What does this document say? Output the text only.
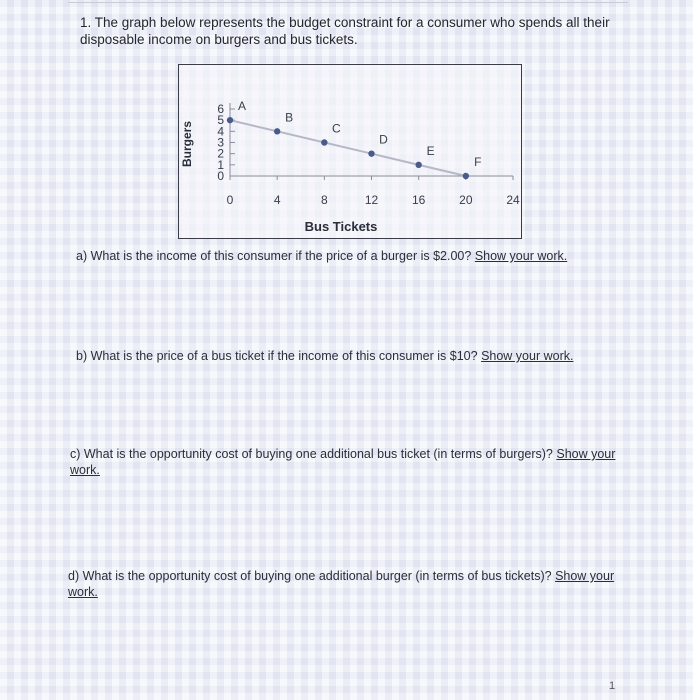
1. The graph below represents the budget constraint for a consumer who spends all their disposable income on burgers and bus tickets.
Burgers
Bus Tickets
0
1
2
3
4
5
6
0	4	8	12	16	20	24
A
B
C
D
E
F
a) What is the income of this consumer if the price of a burger is $2.00? Show your work.
b) What is the price of a bus ticket if the income of this consumer is $10? Show your work.
c) What is the opportunity cost of buying one additional bus ticket (in terms of burgers)? Show your work.
d) What is the opportunity cost of buying one additional burger (in terms of bus tickets)? Show your work.
1
